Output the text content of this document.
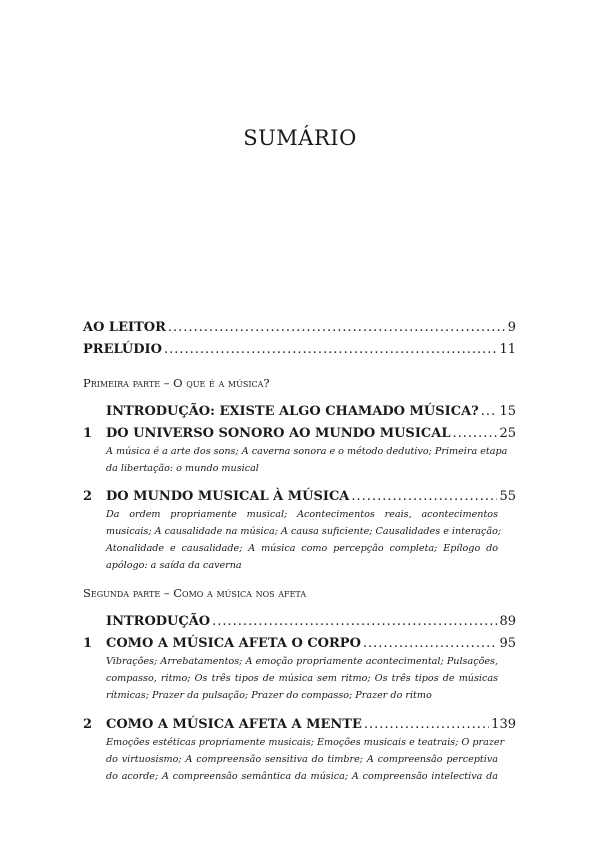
SUMÁRIO
AO LEITOR .....	9
PRELÚDIO .....	11
Primeira parte – O que é a música?
INTRODUÇÃO: EXISTE ALGO CHAMADO MÚSICA? ..... 15
1 DO UNIVERSO SONORO AO MUNDO MUSICAL .....	25
A música é a arte dos sons; A caverna sonora e o método dedutivo; Primeira etapa
da libertação: o mundo musical
2 DO MUNDO MUSICAL À MÚSICA .....	55
Da ordem propriamente musical; Acontecimentos reais, acontecimentos
musicais; A causalidade na música; A causa suficiente; Causalidades e interação;
Atonalidade e causalidade; A música como percepção completa; Epílogo do
apólogo: a saída da caverna
Segunda parte – Como a música nos afeta
INTRODUÇÃO .....	89
1 COMO A MÚSICA AFETA O CORPO .....	95
Vibrações; Arrebatamentos; A emoção propriamente acontecimental; Pulsações,
compasso, ritmo; Os três tipos de música sem ritmo; Os três tipos de músicas
rítmicas; Prazer da pulsação; Prazer do compasso; Prazer do ritmo
2 COMO A MÚSICA AFETA A MENTE .....	139
Emoções estéticas propriamente musicais; Emoções musicais e teatrais; O prazer
do virtuosismo; A compreensão sensitiva do timbre; A compreensão perceptiva
do acorde; A compreensão semântica da música; A compreensão intelectiva da
